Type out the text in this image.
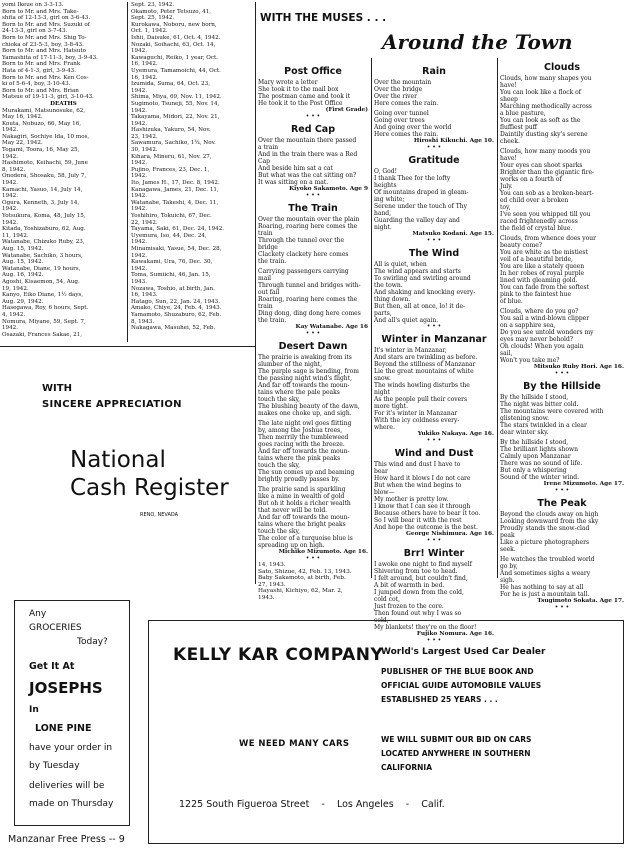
yomi Ikeue on 3-3-13.

Born to Mr. and Mrs. Take-

shita of 12-13-3, girl on 3-6-43.

Born to Mr. and Mrs. Suzuki of

24-13-3, girl on 3-7-43.

Born to Mr. and Mrs. Shig To-

chioka of 23-5-3, boy, 3-8-43.

Born to Mr. and Mrs. Hatsuto

Yamashita of 17-11-3, boy, 3-9-43.

Born to Mr. and Mrs. Frank

Hata of 4-1-3, girl, 3-9-43.

Born to Mr. and Mrs. Ken Cos-

ki of 5-6-4, boy, 3-10-43.

Born to Mr. and Mrs. Brian

Matsue of 19-11-3, girl, 3-10-43.

DEATHS

Murakami, Matsunosuke, 62,

May 16, 1942.

Kouta, Nobuzo, 66, May 16,

1942.

Nakagiri, Sochiye Ida, 10 mos,

May 22, 1942.

Togami, Toora, 16, May 25,

1942.

Hashimoto, Keihachi, 59, June

8, 1942.

Onodera, Shosaku, 58, July 7,

1942.

Kamachi, Yasuo, 14, July 14,

1942.

Ogura, Kenneth, 3, July 14,

1942.

Yotsukura, Koma, 48, July 15,

1942.

Kitada, Yoshizaburo, 62, Aug.

11, 1942.

Watanabe, Chizuko Ruby, 23,

Aug. 15, 1942.

Watanabe, Sachiko, 3 hours,

Aug. 15, 1942.

Watanabe, Diane, 19 hours,

Aug. 16, 1942.

Agoshi, Kisaemon, 54, Aug.

19, 1942.

Kanyo, Eiko Diane, 1½ days,

Aug. 29, 1942.

Hasegawa, Roy, 6 hours, Sept.

4, 1942.

Nomura, Miyane, 59, Sept. 7,

1942.

Osazaki, Frances Sakae, 21,

Sept. 23, 1942.

Okamoto, Peter Tetsuzo, 41,

Sept. 25, 1942.

Kurokawa, Noboru, new born,

Oct. 1, 1942.

Ishii, Daisuke, 61, Oct. 4, 1942.

Nozaki, Soihachi, 63, Oct. 14,

1942.

Kawaguchi, Reiko, 1 year, Oct.

16, 1942.

Uyemura, Tamamoichi, 44, Oct.

16, 1942.

Izumida, Suma, 64, Oct. 23,

1942.

Shima, Miya, 69, Nov. 11, 1942.

Sugimoto, Tsuneji, 55, Nov. 14,

1942.

Takayama, Midori, 22, Nov. 21,

1942.

Hashizuka, Yakuro, 54, Nov.

23, 1942.

Sawamura, Sachiko, 1¾, Nov.

30, 1942.

Kihara, Mineru, 61, Nov. 27,

1942.

Pujino, Frances, 23, Dec. 1,

1942.

Ito, James H., 17, Dec. 8, 1942.

Kanagawa, James, 21, Dec. 11,

1942.

Watanabe, Takeshi, 4, Dec. 11,

1942.

Yoshihiro, Tokuichi, 67, Dec.

22, 1942.

Tayama, Saki, 61, Dec. 24, 1942.

Uyemura, Iso, 44, Dec. 24,

1942.

Minamisaki, Yasue, 54, Dec. 28,

1942.

Kawakami, Ura, 76, Dec. 30,

1942.

Toma, Sumiichi, 46, Jan. 15,

1943.

Nozawa, Toshio, at birth, Jan.

16, 1943.

Hatago, Sun, 22, Jan. 24, 1943.

Amako, Chiye, 24, Feb. 4, 1943.

Yamamoto, Shuzaburo, 62, Feb.

8, 1943.

Nakagawa, Masuhei, 52, Feb.

WITH
SINCERE APPRECIATION
National
Cash Register
RENO, NEVADA
WITH THE MUSES . . .
Around the Town
Post Office

Mary wrote a letter

She took it to the mail box

The postman came and took it

He took it to the Post Office

(First Grade)

• • •

Red Cap

Over the mountain there passed

a train

And in the train there was a Red

Cap

And beside him sat a cat

But what was the cat sitting on?

It was sitting on a mat.

Kiyoko Sakamoto. Age 9

• • •

The Train

Over the mountain over the plain

Roaring, roaring here comes the

train

Through the tunnel over the

bridge

Clackety clackety here comes

the train.

Carrying passengers carrying

mail

Through tunnel and bridges with-

out fail

Roaring, roaring here comes the

train

Ding dong, ding dong here comes

the train.

Kay Watanabe. Age 16

• • •

Desert Dawn

The prairie is awaking from its

slumber of the night,

The purple sage is bending, from

the passing night wind's flight,

And far off towards the moun-

tains where the pale peaks

touch the sky,

The blushing beauty of the dawn,

makes one choke up, and sigh.

The late night owl goes flitting

by, among the Joshua trees,

Then merrily the tumbleweed

goes racing with the breeze.

And far off towards the moun-

tains where the pink peaks

touch the sky,

The sun comes up and beaming

brightly proudly passes by.

The prairie sand is sparkling

like a mine in wealth of gold

But oh it holds a richer wealth

that never will be told.

And far off towards the moun-

tains where the bright peaks

touch the sky,

The color of a turquoise blue is

spreading up on high.

Michiko Mizumoto. Age 16.

• • •

14, 1943.

Sato, Shizue, 42, Feb. 13, 1943.

Baby Sakamoto, at birth, Feb.

27, 1943.

Hayashi, Kichiyo, 62, Mar. 2,

1943.

Rain

Over the mountain

Over the bridge

Over the river

Here comes the rain.

Going over tunnel

Going over trees

And going over the world

Here comes the rain.

Hiroshi Kikuchi. Age 10.

• • •

Gratitude

O, God!

I thank Thee for the lofty

heights

Of mountains draped in gleam-

ing white;

Serene under the touch of Thy

hand,

Guarding the valley day and

night.

Matsuko Kodani. Age 15.

• • •

The Wind

All is quiet, when

The wind appears and starts

To swirling and swirling around

the town.

And shaking and knocking every-

thing down.

But then, all at once, lo! it de-

parts,

And all's quiet again.

• • •

Winter in Manzanar

It's winter in Manzanar,

And stars are twinkling as before.

Beyond the stillness of Manzanar

Lie the great mountains of white

snow.

The winds howling disturbs the

night

As the people pull their covers

more tight.

For it's winter in Manzanar

With the icy coldness every-

where.

Yukiko Nakaya. Age 16.

• • •

Wind and Dust

This wind and dust I have to

bear

How hard it blows I do not care

But when the wind begins to

blow—

My mother is pretty low.

I know that I can see it through

Because others have to bear it too.

So I will bear it with the rest

And hope the outcome is the best.

George Nishimura. Age 16.

• • •

Brr! Winter

I awoke one night to find myself

Shivering from toe to head.

I felt around, but couldn't find,

A bit of warmth in bed.

I jumped down from the cold,

cold cot,

Just frozen to the core.

Then found out why I was so

cold,

My blankets! they're on the floor!

Fujiko Nomura. Age 16.

• • •

Clouds

Clouds, how many shapes you

have!

You can look like a flock of

sheep

Marching methodically across

a blue pasture,

You can look as soft as the

fluffiest puff

Daintily dusting sky's serene

cheek.

Clouds, how many moods you

have!

Your eyes can shoot sparks

Brighter than the gigantic fire-

works on a fourth of

July.

You can sob as a broken-heart-

ed child over a broken

toy,

I've seen you whipped till you

raced frightenedly across

the field of crystal blue.

Clouds, from whence does your

beauty come?

You are white as the mistiest

veil of a beautiful bride,

You are like a stately queen

In her robes of royal purple

lined with gleaming gold.

You can fade from the softest

pink to the faintest hue

of blue.

Clouds, where do you go?

You sail a wind-blown clipper

on a sapphire sea,

Do you see untold wonders my

eyes may never behold?

Oh clouds! When you again

sail,

Won't you take me?

Mitsuko Ruby Hori. Age 16.

• • •

By the Hillside

By the hillside I stood,

The night was bitter cold.

The mountains were covered with

glistening snow.

The stars twinkled in a clear

dear winter sky.

By the hillside I stood,

The brilliant lights shown

Calmly upon Manzanar

There was no sound of life.

But only a whispering

Sound of the winter wind.

Irene Mizumoto. Age 17.

• • •

The Peak

Beyond the clouds away on high

Looking downward from the sky

Proudly stands the snow-clad

peak

Like a picture photographers

seek.

He watches the troubled world

go by,

And sometimes sighs a weary

sigh.

He has nothing to say at all

For he is just a mountain tall.

Tsugimoto Sokata. Age 17.

• • •

Any
GROCERIES
Today?
Get It At
JOSEPHS
In
LONE PINE
have your order in
by Tuesday
deliveries will be
made on Thursday
KELLY KAR COMPANY
World's Largest Used Car Dealer
PUBLISHER OF THE BLUE BOOK AND
OFFICIAL GUIDE AUTOMOBILE VALUES
ESTABLISHED 25 YEARS . . .
WE NEED MANY CARS	WE WILL SUBMIT OUR BID ON CARS
LOCATED ANYWHERE IN SOUTHERN
CALIFORNIA
1225 South Figueroa Street    -    Los Angeles    -    Calif.
Manzanar Free Press -- 9
